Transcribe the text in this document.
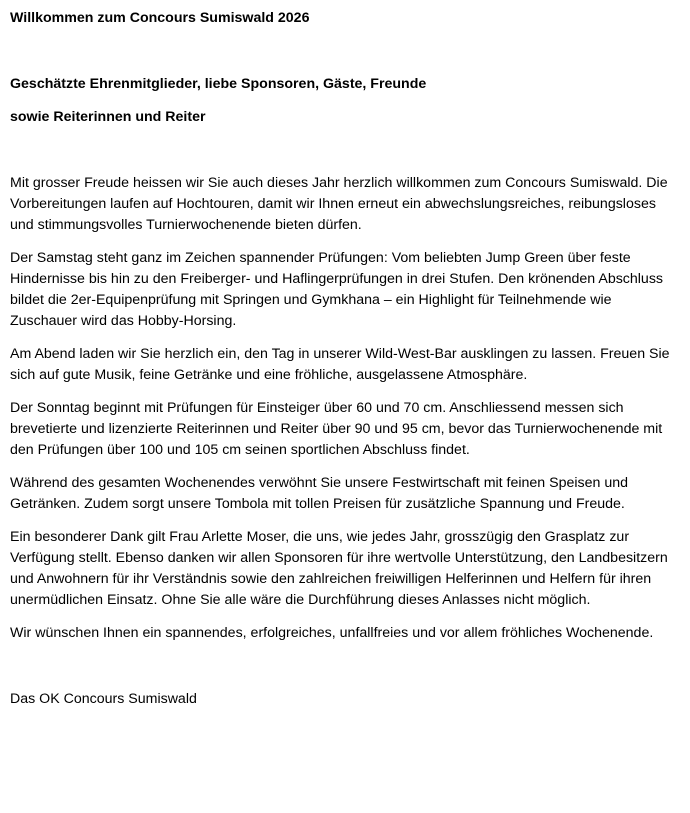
Willkommen zum Concours Sumiswald 2026

Geschätzte Ehrenmitglieder, liebe Sponsoren, Gäste, Freunde

sowie Reiterinnen und Reiter

Mit grosser Freude heissen wir Sie auch dieses Jahr herzlich willkommen zum Concours Sumiswald. Die Vorbereitungen laufen auf Hochtouren, damit wir Ihnen erneut ein abwechslungsreiches, reibungsloses und stimmungsvolles Turnierwochenende bieten dürfen.

Der Samstag steht ganz im Zeichen spannender Prüfungen: Vom beliebten Jump Green über feste Hindernisse bis hin zu den Freiberger- und Haflingerprüfungen in drei Stufen. Den krönenden Abschluss bildet die 2er-Equipenprüfung mit Springen und Gymkhana – ein Highlight für Teilnehmende wie Zuschauer wird das Hobby-Horsing.

Am Abend laden wir Sie herzlich ein, den Tag in unserer Wild-West-Bar ausklingen zu lassen. Freuen Sie sich auf gute Musik, feine Getränke und eine fröhliche, ausgelassene Atmosphäre.

Der Sonntag beginnt mit Prüfungen für Einsteiger über 60 und 70 cm. Anschliessend messen sich brevetierte und lizenzierte Reiterinnen und Reiter über 90 und 95 cm, bevor das Turnierwochenende mit den Prüfungen über 100 und 105 cm seinen sportlichen Abschluss findet.

Während des gesamten Wochenendes verwöhnt Sie unsere Festwirtschaft mit feinen Speisen und Getränken. Zudem sorgt unsere Tombola mit tollen Preisen für zusätzliche Spannung und Freude.

Ein besonderer Dank gilt Frau Arlette Moser, die uns, wie jedes Jahr, grosszügig den Grasplatz zur Verfügung stellt. Ebenso danken wir allen Sponsoren für ihre wertvolle Unterstützung, den Landbesitzern und Anwohnern für ihr Verständnis sowie den zahlreichen freiwilligen Helferinnen und Helfern für ihren unermüdlichen Einsatz. Ohne Sie alle wäre die Durchführung dieses Anlasses nicht möglich.

Wir wünschen Ihnen ein spannendes, erfolgreiches, unfallfreies und vor allem fröhliches Wochenende.

Das OK Concours Sumiswald
